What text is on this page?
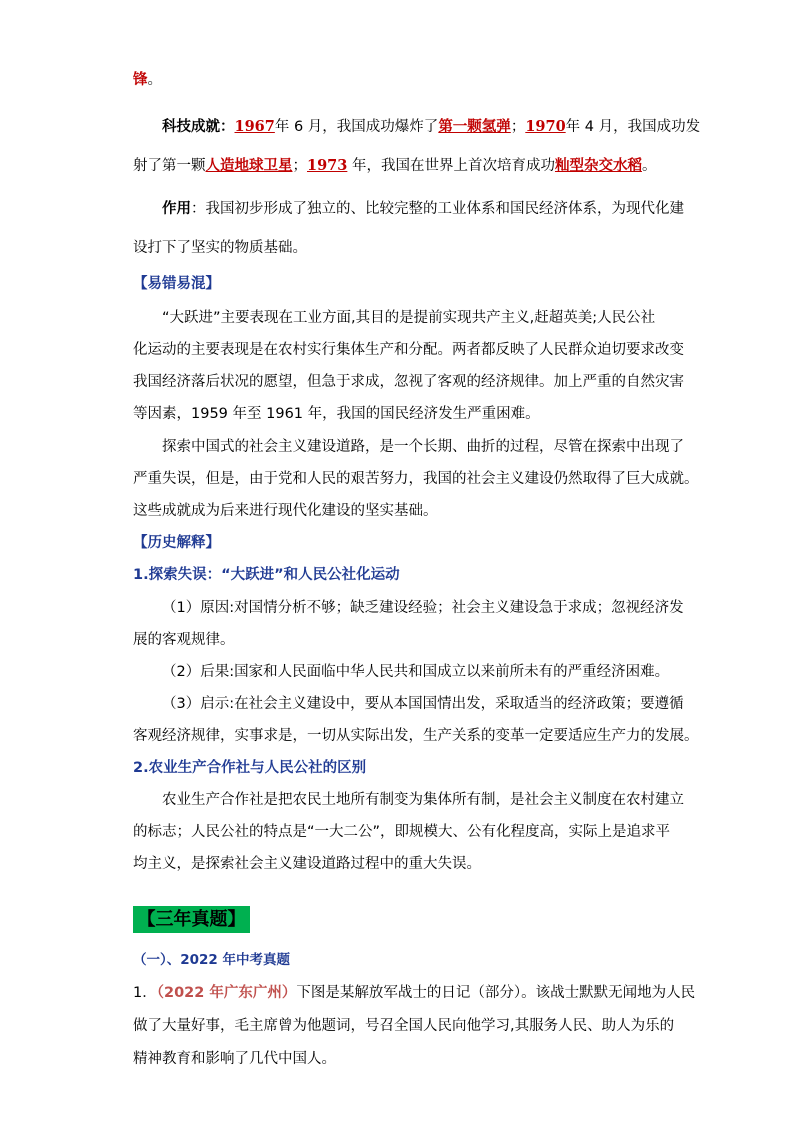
锋。
科技成就：1967年 6 月，我国成功爆炸了第一颗氢弹；1970年 4 月，我国成功发
射了第一颗人造地球卫星；1973 年，我国在世界上首次培育成功籼型杂交水稻。
作用：我国初步形成了独立的、比较完整的工业体系和国民经济体系，为现代化建
设打下了坚实的物质基础。
【易错易混】
“大跃进”主要表现在工业方面,其目的是提前实现共产主义,赶超英美;人民公社
化运动的主要表现是在农村实行集体生产和分配。两者都反映了人民群众迫切要求改变
我国经济落后状况的愿望，但急于求成，忽视了客观的经济规律。加上严重的自然灾害
等因素，1959 年至 1961 年，我国的国民经济发生严重困难。
探索中国式的社会主义建设道路，是一个长期、曲折的过程，尽管在探索中出现了
严重失误，但是，由于党和人民的艰苦努力，我国的社会主义建设仍然取得了巨大成就。
这些成就成为后来进行现代化建设的坚实基础。
【历史解释】
1.探索失误：“大跃进”和人民公社化运动
（1）原因:对国情分析不够；缺乏建设经验；社会主义建设急于求成；忽视经济发
展的客观规律。
（2）后果:国家和人民面临中华人民共和国成立以来前所未有的严重经济困难。
（3）启示:在社会主义建设中，要从本国国情出发，采取适当的经济政策；要遵循
客观经济规律，实事求是，一切从实际出发，生产关系的变革一定要适应生产力的发展。
2.农业生产合作社与人民公社的区别
农业生产合作社是把农民土地所有制变为集体所有制，是社会主义制度在农村建立
的标志；人民公社的特点是“一大二公”，即规模大、公有化程度高，实际上是追求平
均主义，是探索社会主义建设道路过程中的重大失误。
【三年真题】
（一）、2022 年中考真题
1．（2022 年广东广州）下图是某解放军战士的日记（部分）。该战士默默无闻地为人民
做了大量好事，毛主席曾为他题词，号召全国人民向他学习,其服务人民、助人为乐的
精神教育和影响了几代中国人。
